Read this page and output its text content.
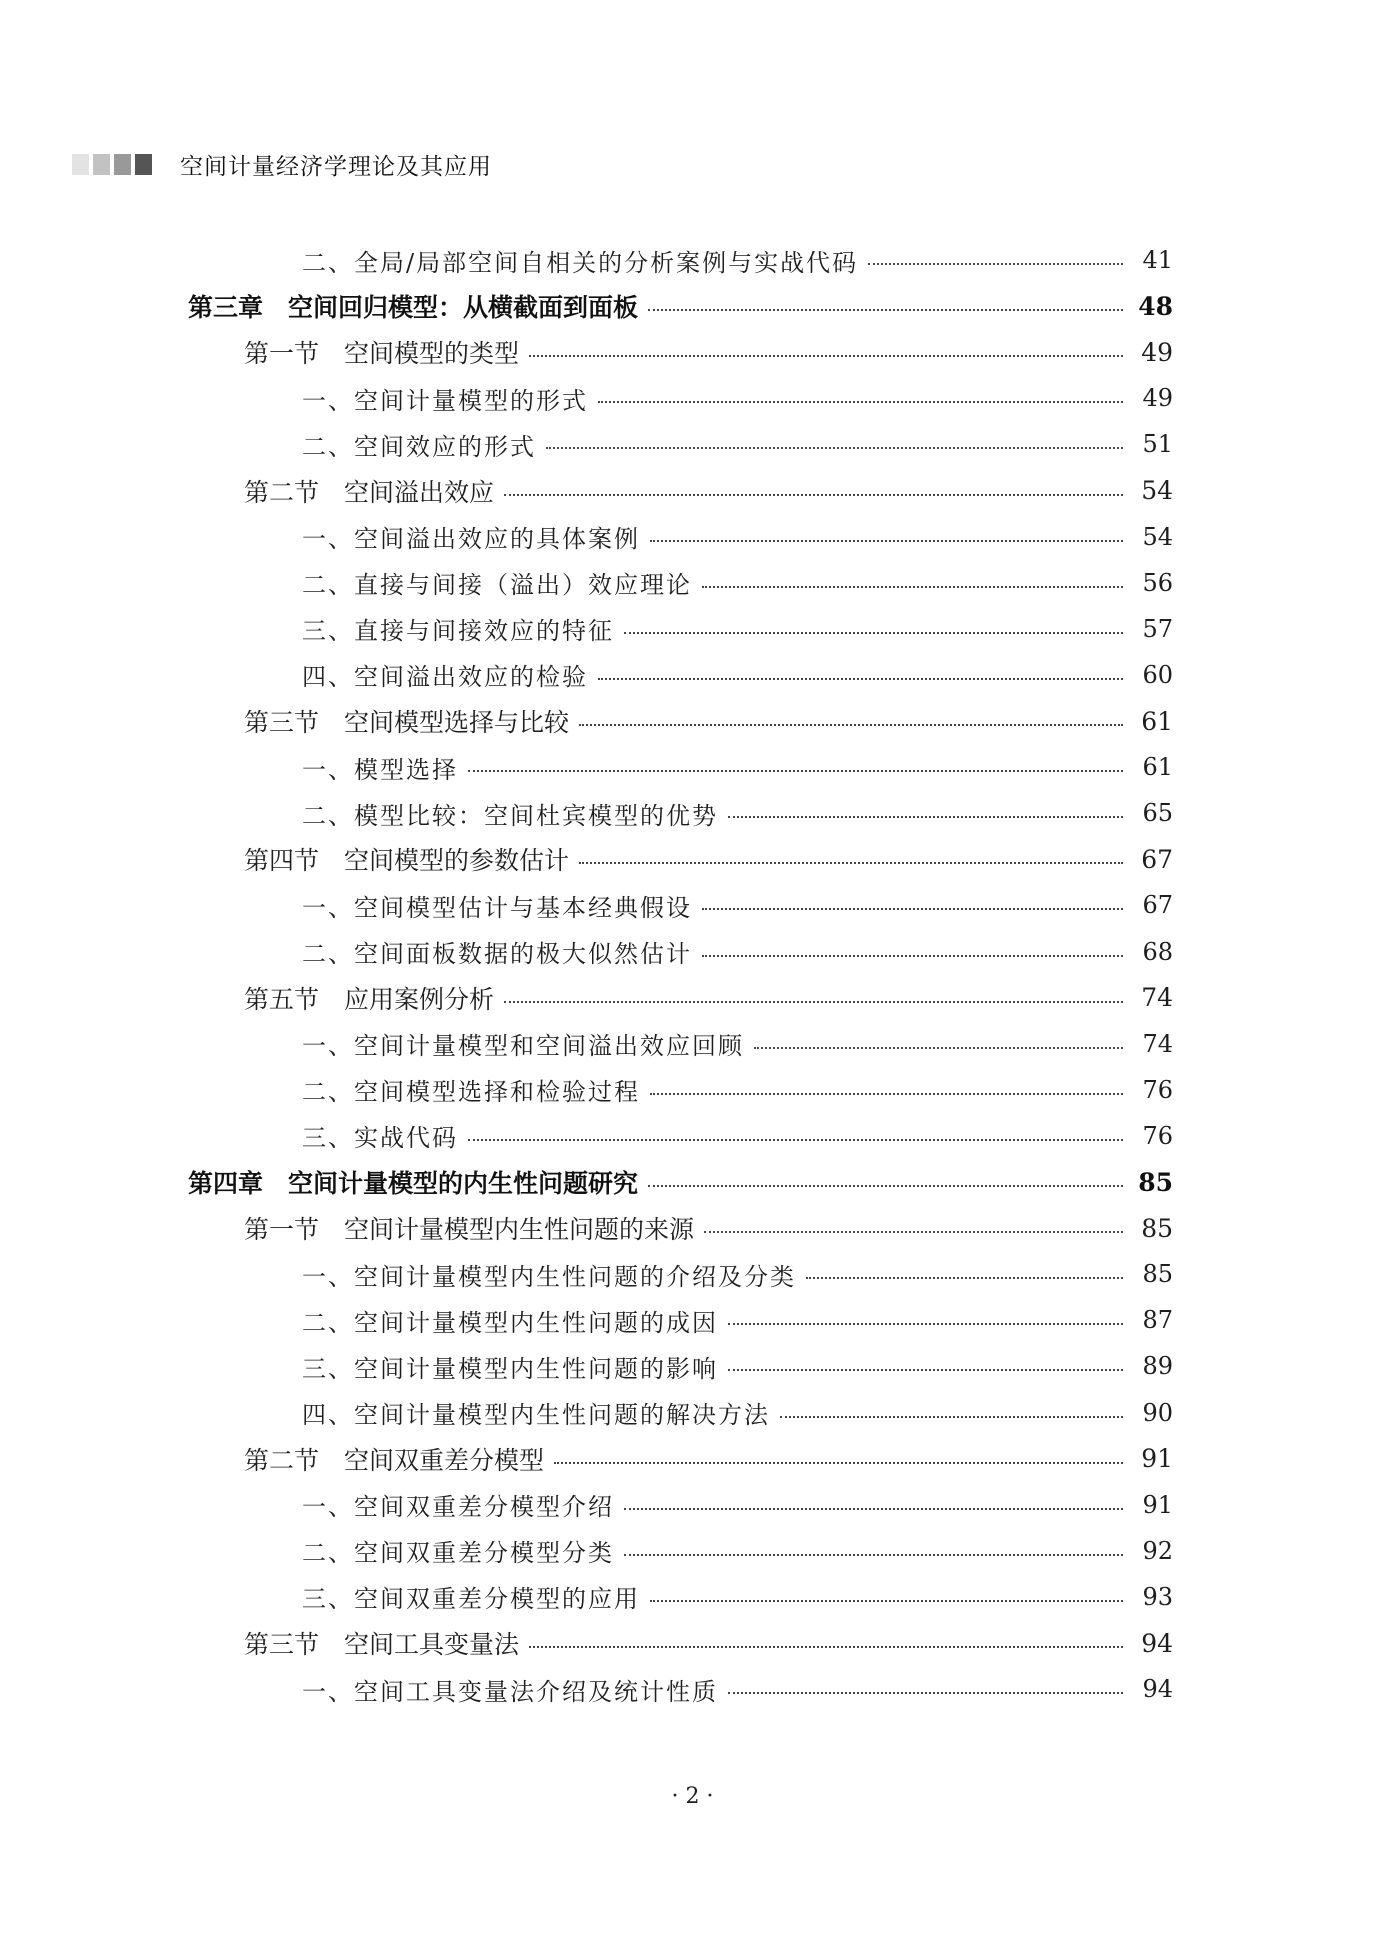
空间计量经济学理论及其应用
二、全局/局部空间自相关的分析案例与实战代码	41
第三章　空间回归模型：从横截面到面板	48
第一节　空间模型的类型	49
一、空间计量模型的形式	49
二、空间效应的形式	51
第二节　空间溢出效应	54
一、空间溢出效应的具体案例	54
二、直接与间接（溢出）效应理论	56
三、直接与间接效应的特征	57
四、空间溢出效应的检验	60
第三节　空间模型选择与比较	61
一、模型选择	61
二、模型比较：空间杜宾模型的优势	65
第四节　空间模型的参数估计	67
一、空间模型估计与基本经典假设	67
二、空间面板数据的极大似然估计	68
第五节　应用案例分析	74
一、空间计量模型和空间溢出效应回顾	74
二、空间模型选择和检验过程	76
三、实战代码	76
第四章　空间计量模型的内生性问题研究	85
第一节　空间计量模型内生性问题的来源	85
一、空间计量模型内生性问题的介绍及分类	85
二、空间计量模型内生性问题的成因	87
三、空间计量模型内生性问题的影响	89
四、空间计量模型内生性问题的解决方法	90
第二节　空间双重差分模型	91
一、空间双重差分模型介绍	91
二、空间双重差分模型分类	92
三、空间双重差分模型的应用	93
第三节　空间工具变量法	94
一、空间工具变量法介绍及统计性质	94
· 2 ·
